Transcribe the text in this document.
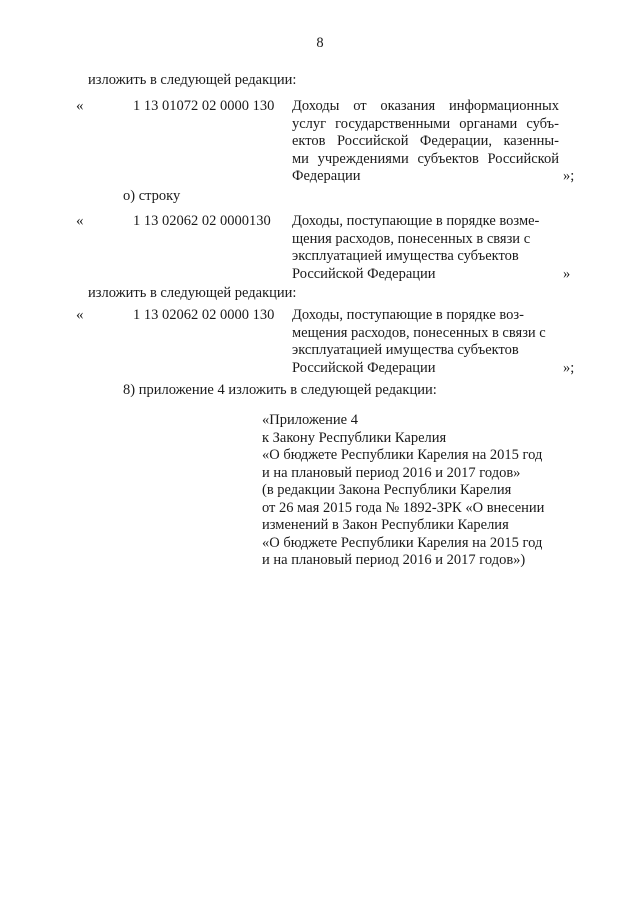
8
изложить в следующей редакции:
«	1 13 01072 02 0000 130 Доходы от оказания информационных
услуг государственными органами субъ-
ектов Российской Федерации, казенны-
ми учреждениями субъектов Российской
Федерации	»;
о) строку
«	1 13 02062 02 0000130 Доходы, поступающие в порядке возме-
щения расходов, понесенных в связи с
эксплуатацией имущества субъектов
Российской Федерации	»
изложить в следующей редакции:
«	1 13 02062 02 0000 130 Доходы, поступающие в порядке воз-
мещения расходов, понесенных в связи с
эксплуатацией имущества субъектов
Российской Федерации	»;
8) приложение 4 изложить в следующей редакции:
«Приложение 4
к Закону Республики Карелия
«О бюджете Республики Карелия на 2015 год
и на плановый период 2016 и 2017 годов»
(в редакции Закона Республики Карелия
от 26 мая 2015 года № 1892-ЗРК «О внесении
изменений в Закон Республики Карелия
«О бюджете Республики Карелия на 2015 год
и на плановый период 2016 и 2017 годов»)
